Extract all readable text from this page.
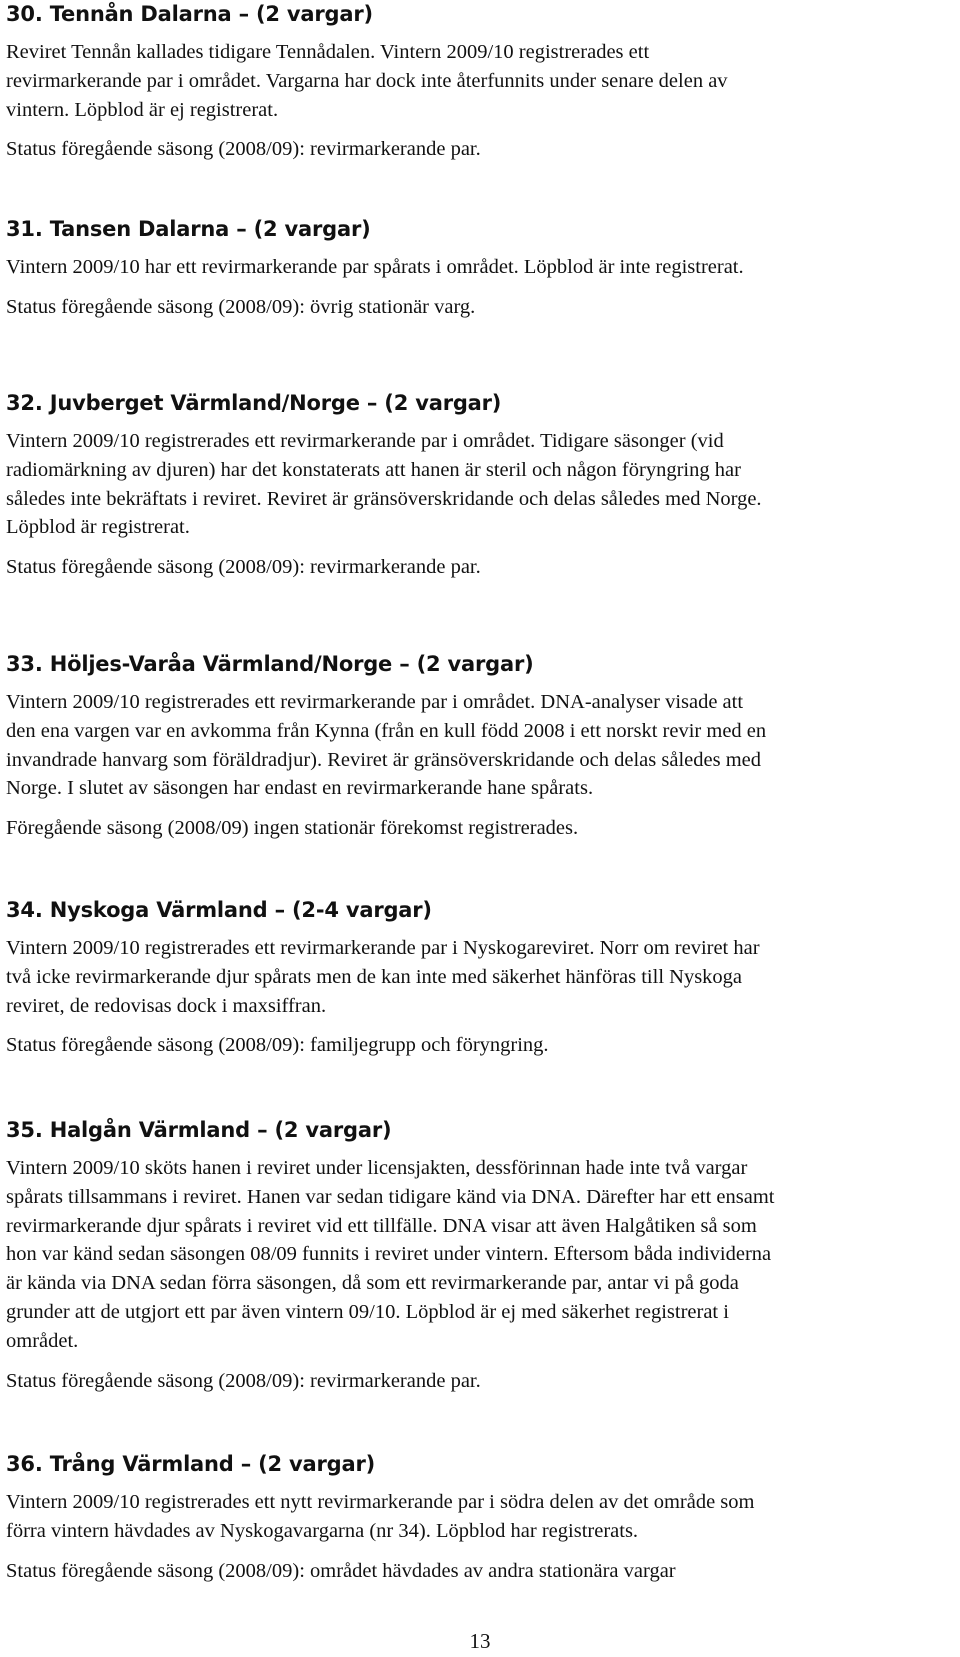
30. Tennån Dalarna – (2 vargar)

Reviret Tennån kallades tidigare Tennådalen. Vintern 2009/10 registrerades ett
revirmarkerande par i området. Vargarna har dock inte återfunnits under senare delen av
vintern. Löpblod är ej registrerat.

Status föregående säsong (2008/09): revirmarkerande par.

31. Tansen Dalarna – (2 vargar)

Vintern 2009/10 har ett revirmarkerande par spårats i området. Löpblod är inte registrerat.

Status föregående säsong (2008/09): övrig stationär varg.

32. Juvberget Värmland/Norge – (2 vargar)

Vintern 2009/10 registrerades ett revirmarkerande par i området. Tidigare säsonger (vid
radiomärkning av djuren) har det konstaterats att hanen är steril och någon föryngring har
således inte bekräftats i reviret. Reviret är gränsöverskridande och delas således med Norge.
Löpblod är registrerat.

Status föregående säsong (2008/09): revirmarkerande par.

33. Höljes-Varåa Värmland/Norge – (2 vargar)

Vintern 2009/10 registrerades ett revirmarkerande par i området. DNA-analyser visade att
den ena vargen var en avkomma från Kynna (från en kull född 2008 i ett norskt revir med en
invandrade hanvarg som föräldradjur). Reviret är gränsöverskridande och delas således med
Norge. I slutet av säsongen har endast en revirmarkerande hane spårats.

Föregående säsong (2008/09) ingen stationär förekomst registrerades.

34. Nyskoga Värmland – (2-4 vargar)

Vintern 2009/10 registrerades ett revirmarkerande par i Nyskogareviret. Norr om reviret har
två icke revirmarkerande djur spårats men de kan inte med säkerhet hänföras till Nyskoga
reviret, de redovisas dock i maxsiffran.

Status föregående säsong (2008/09): familjegrupp och föryngring.

35. Halgån Värmland – (2 vargar)

Vintern 2009/10 sköts hanen i reviret under licensjakten, dessförinnan hade inte två vargar
spårats tillsammans i reviret. Hanen var sedan tidigare känd via DNA. Därefter har ett ensamt
revirmarkerande djur spårats i reviret vid ett tillfälle. DNA visar att även Halgåtiken så som
hon var känd sedan säsongen 08/09 funnits i reviret under vintern. Eftersom båda individerna
är kända via DNA sedan förra säsongen, då som ett revirmarkerande par, antar vi på goda
grunder att de utgjort ett par även vintern 09/10. Löpblod är ej med säkerhet registrerat i
området.

Status föregående säsong (2008/09): revirmarkerande par.

36. Trång Värmland – (2 vargar)

Vintern 2009/10 registrerades ett nytt revirmarkerande par i södra delen av det område som
förra vintern hävdades av Nyskogavargarna (nr 34). Löpblod har registrerats.

Status föregående säsong (2008/09): området hävdades av andra stationära vargar

13
